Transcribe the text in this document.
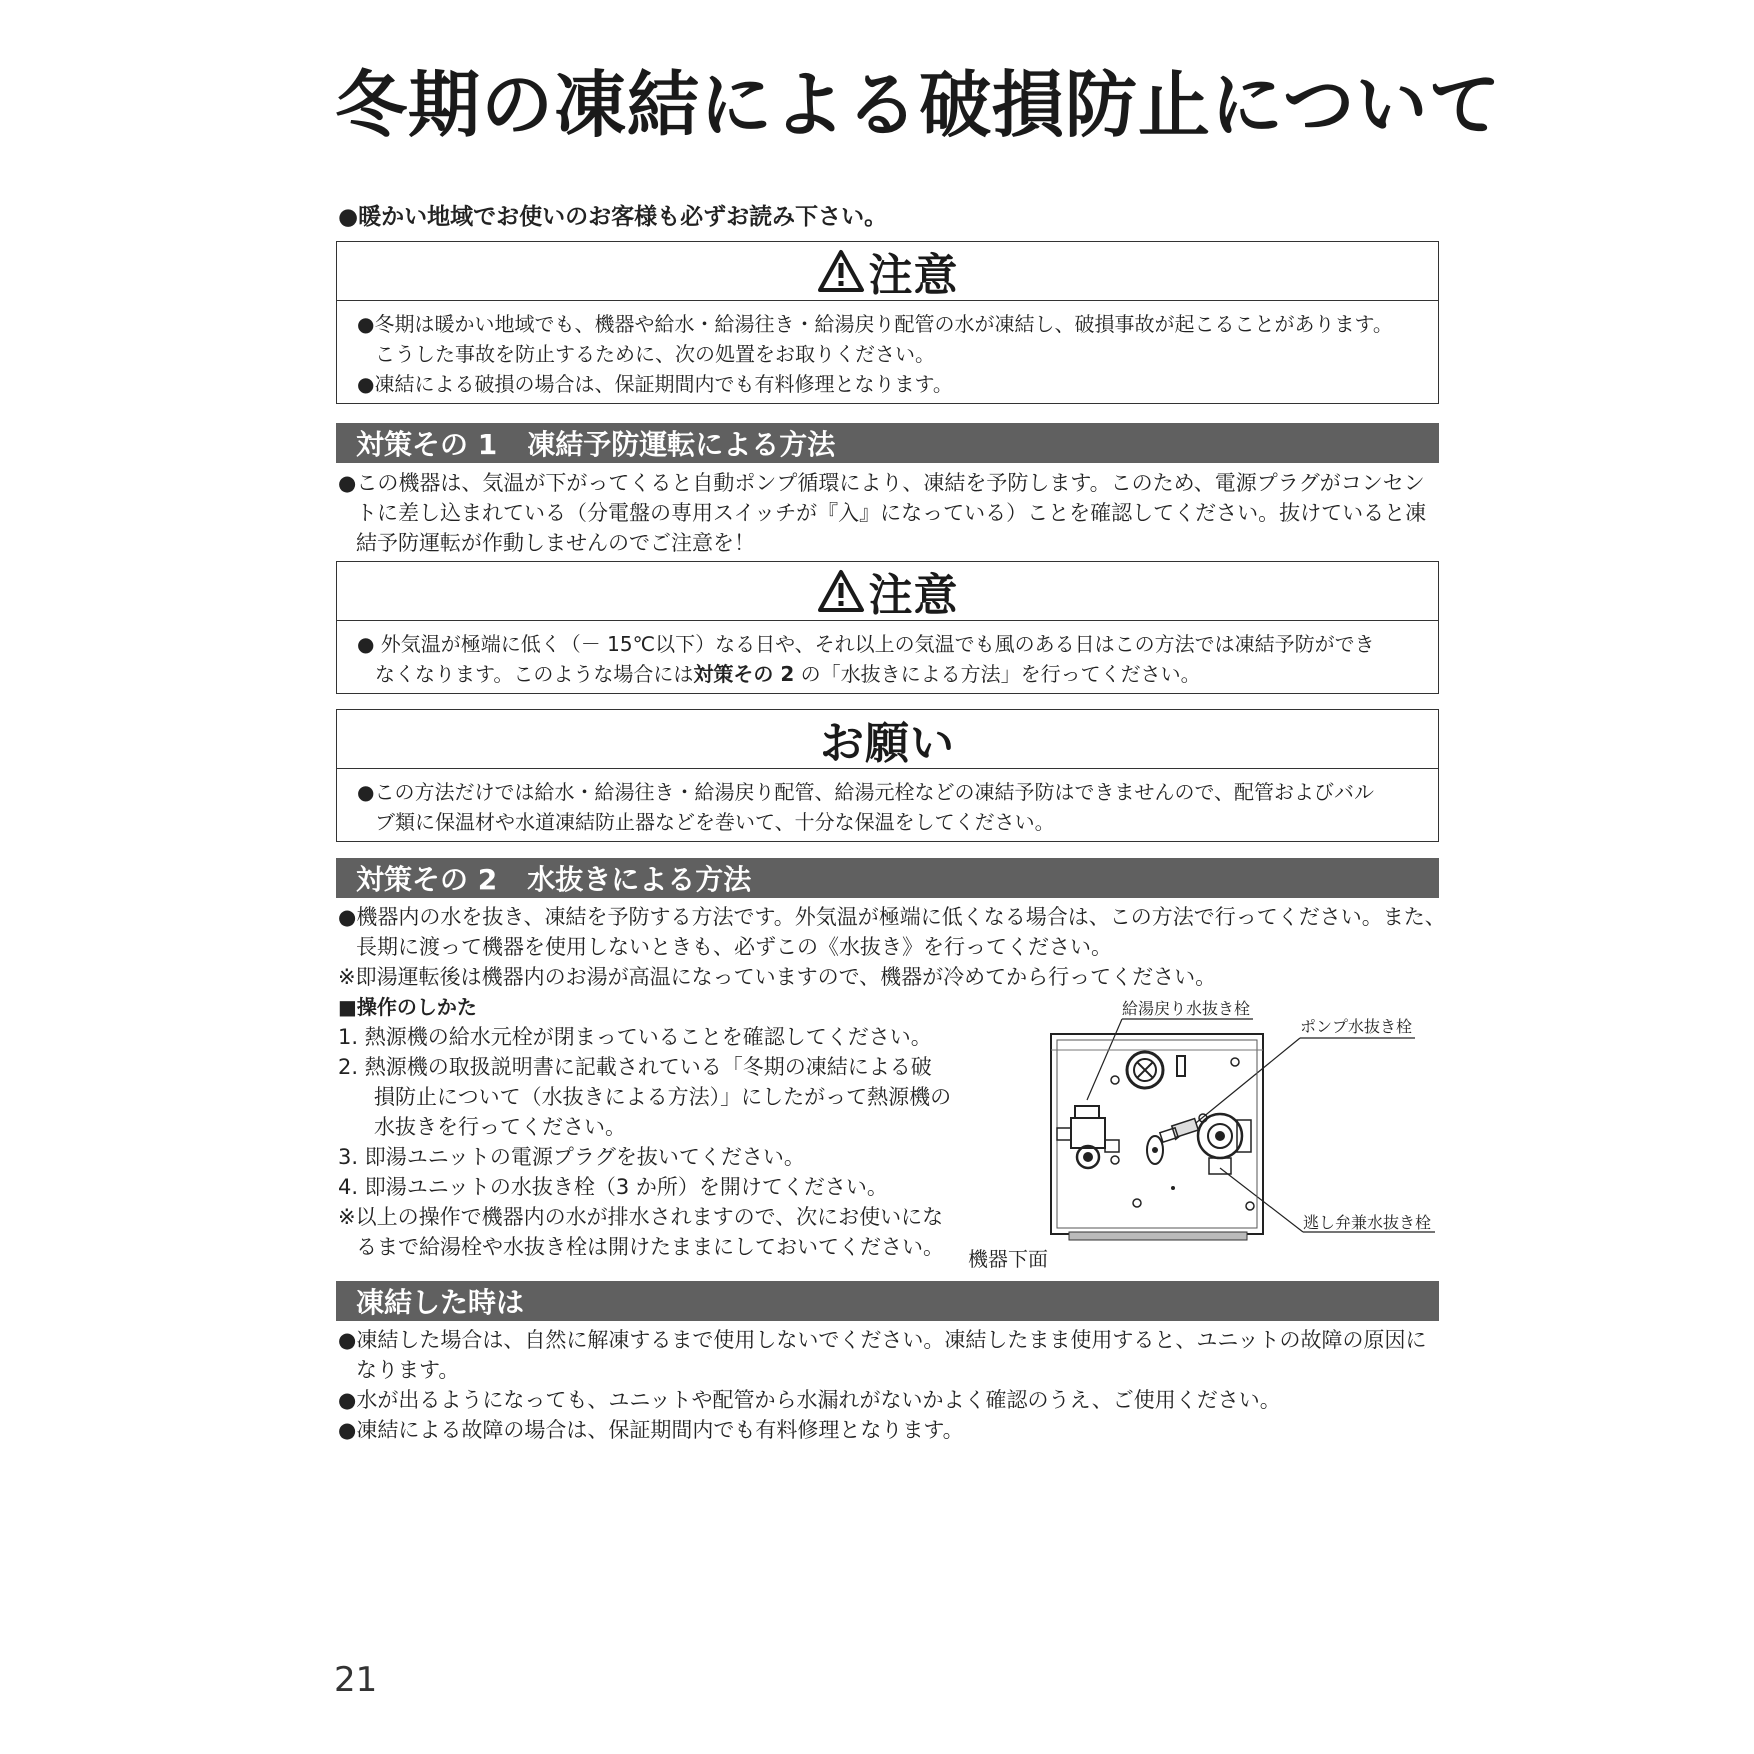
冬期の凍結による破損防止について
●暖かい地域でお使いのお客様も必ずお読み下さい。
注意
●冬期は暖かい地域でも、機器や給水・給湯往き・給湯戻り配管の水が凍結し、破損事故が起こることがあります。
こうした事故を防止するために、次の処置をお取りください。
●凍結による破損の場合は、保証期間内でも有料修理となります。
対策その 1 凍結予防運転による方法
●この機器は、気温が下がってくると自動ポンプ循環により、凍結を予防します。このため、電源プラグがコンセン
トに差し込まれている（分電盤の専用スイッチが『入』になっている）ことを確認してください。抜けていると凍
結予防運転が作動しませんのでご注意を！
注意
● 外気温が極端に低く（－ 15℃以下）なる日や、それ以上の気温でも風のある日はこの方法では凍結予防ができ
なくなります。このような場合には対策その 2 の「水抜きによる方法」を行ってください。
お願い
●この方法だけでは給水・給湯往き・給湯戻り配管、給湯元栓などの凍結予防はできませんので、配管およびバル
ブ類に保温材や水道凍結防止器などを巻いて、十分な保温をしてください。
対策その 2 水抜きによる方法
●機器内の水を抜き、凍結を予防する方法です。外気温が極端に低くなる場合は、この方法で行ってください。また、
長期に渡って機器を使用しないときも、必ずこの《水抜き》を行ってください。
※即湯運転後は機器内のお湯が高温になっていますので、機器が冷めてから行ってください。
■操作のしかた
1. 熱源機の給水元栓が閉まっていることを確認してください。
2. 熱源機の取扱説明書に記載されている「冬期の凍結による破
損防止について（水抜きによる方法）」にしたがって熱源機の
水抜きを行ってください。
3. 即湯ユニットの電源プラグを抜いてください。
4. 即湯ユニットの水抜き栓（3 か所）を開けてください。
※以上の操作で機器内の水が排水されますので、次にお使いにな
るまで給湯栓や水抜き栓は開けたままにしておいてください。
給湯戻り水抜き栓
ポンプ水抜き栓
逃し弁兼水抜き栓
機器下面
凍結した時は
●凍結した場合は、自然に解凍するまで使用しないでください。凍結したまま使用すると、ユニットの故障の原因に
なります。
●水が出るようになっても、ユニットや配管から水漏れがないかよく確認のうえ、ご使用ください。
●凍結による故障の場合は、保証期間内でも有料修理となります。
21
